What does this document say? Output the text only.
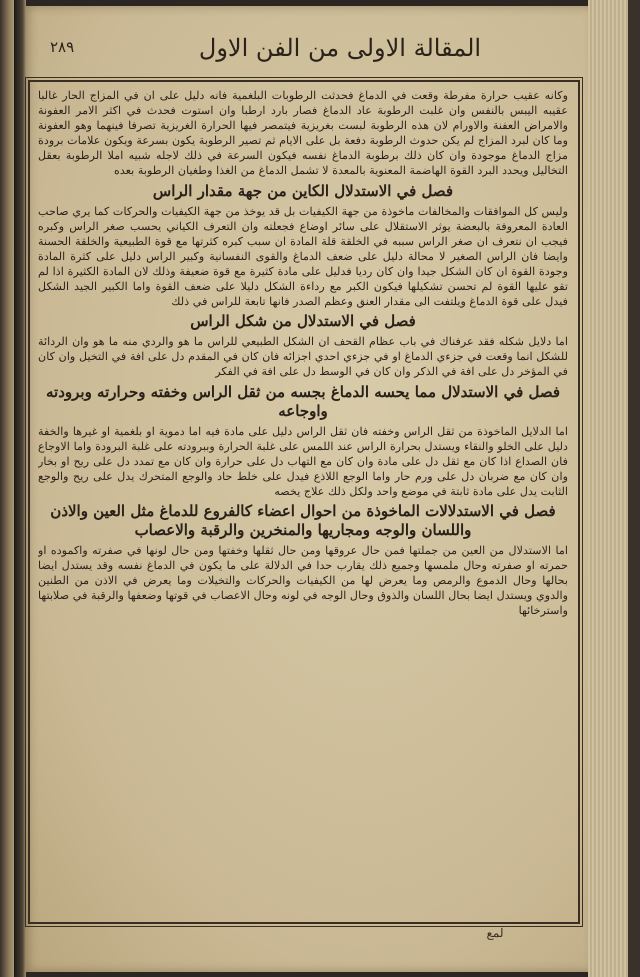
٢٨٩	المقالة الاولى من الفن الاول

وكانه عقيب حرارة مفرطة وقعت في الدماغ فحدثت الرطوبات البلغمية فانه دليل على ان في المزاج الحار غالبا عقيبه اليبس بالنفس وان غلبت الرطوبة عاد الدماغ فصار بارد ارطبا وان استوت فحدث في اكثر الامر العفونة والامراض العفنة والاورام لان هذه الرطوبة لبست بغريزية فيتمصر فيها الحرارة الغريزية تصرفا فينهما وهو العفونة وما كان لبرد المزاج لم يكن حدوث الرطوبة دفعة بل على الايام ثم تصير الرطوبة يكون بسرعة ويكون علامات برودة مزاج الدماغ موجودة وان كان ذلك برطوبة الدماغ نفسه فيكون السرعة في ذلك لاجله شبيه املا الرطوبة بعقل التخاليل ويحدد البرد القوة الهاضمة المعنوية بالمعدة لا تشمل الدماغ من الغذا وطغيان الرطوبة بعده

فصل في الاستدلال الكاين من جهة مقدار الراس

وليس كل الموافقات والمخالفات ماخوذة من جهة الكيفيات بل قد يوخذ من جهة الكيفيات والحركات كما يري صاحب العادة المعروفة بالبعضة يوثر الاستقلال على سائر اوضاع فجعلته وان التعرف الكياني يحسب صغر الراس وكبره فيجب ان نتعرف ان صغر الراس سببه في الخلقة قلة المادة ان سبب كبره كثرتها مع قوة الطبيعية والخلقة الحسنة وايضا فان الراس الصغير لا محالة دليل على ضعف الدماغ والقوى النفسانية وكبير الراس دليل على كثرة المادة وجودة القوة ان كان الشكل جيدا وان كان رديا فدليل على مادة كثيرة مع قوة ضعيفة وذلك لان المادة الكثيرة اذا لم تقو عليها القوة لم تحسن تشكيلها فيكون الكبر مع رداءة الشكل دليلا على ضعف القوة واما الكبير الجيد الشكل فيدل على قوة الدماغ ويلتفت الى مقدار العنق وعظم الصدر فانها تابعة للراس في ذلك

فصل في الاستدلال من شكل الراس

اما دلايل شكله فقد عرفناك في باب عظام القحف ان الشكل الطبيعي للراس ما هو والردي منه ما هو وان الردائة للشكل انما وقعت في جزءي الدماغ او في جزءي احدي اجزائه فان كان في المقدم دل على افة في التخيل وان كان في المؤخر دل على افة في الذكر وان كان في الوسط دل على افة في الفكر

فصل في الاستدلال مما يحسه الدماغ بجسه من ثقل الراس وخفته وحرارته وبرودته واوجاعه

اما الدلايل الماخوذة من ثقل الراس وخفته فان ثقل الراس دليل على مادة فيه اما دموية او بلغمية او غيرها والخفة دليل على الخلو والنقاء ويستدل بحرارة الراس عند اللمس على غلبة الحرارة وببرودته على غلبة البرودة واما الاوجاع فان الصداع اذا كان مع ثقل دل على مادة وان كان مع التهاب دل على حرارة وان كان مع تمدد دل على ريح او بخار وان كان مع ضربان دل على ورم حار واما الوجع اللاذع فيدل على خلط حاد والوجع المتحرك يدل على ريح والوجع الثابت يدل على مادة ثابتة في موضع واحد ولكل ذلك علاج يخصه

فصل في الاستدلالات الماخوذة من احوال اعضاء كالفروع للدماغ مثل العين والاذن واللسان والوجه ومجاريها والمنخرين والرقبة والاعصاب

اما الاستدلال من العين من جملتها فمن حال عروقها ومن حال ثقلها وخفتها ومن حال لونها في صفرته واكموده او حمرته او صفرته وحال ملمسها وجميع ذلك يقارب حدا في الدلالة على ما يكون في الدماغ نفسه وقد يستدل ايضا بحالها وحال الدموع والرمص وما يعرض لها من الكيفيات والحركات والتخيلات وما يعرض في الاذن من الطنين والدوي ويستدل ايضا بحال اللسان والذوق وحال الوجه في لونه وحال الاعصاب في قوتها وضعفها والرقبة في صلابتها واسترخائها

لمع
